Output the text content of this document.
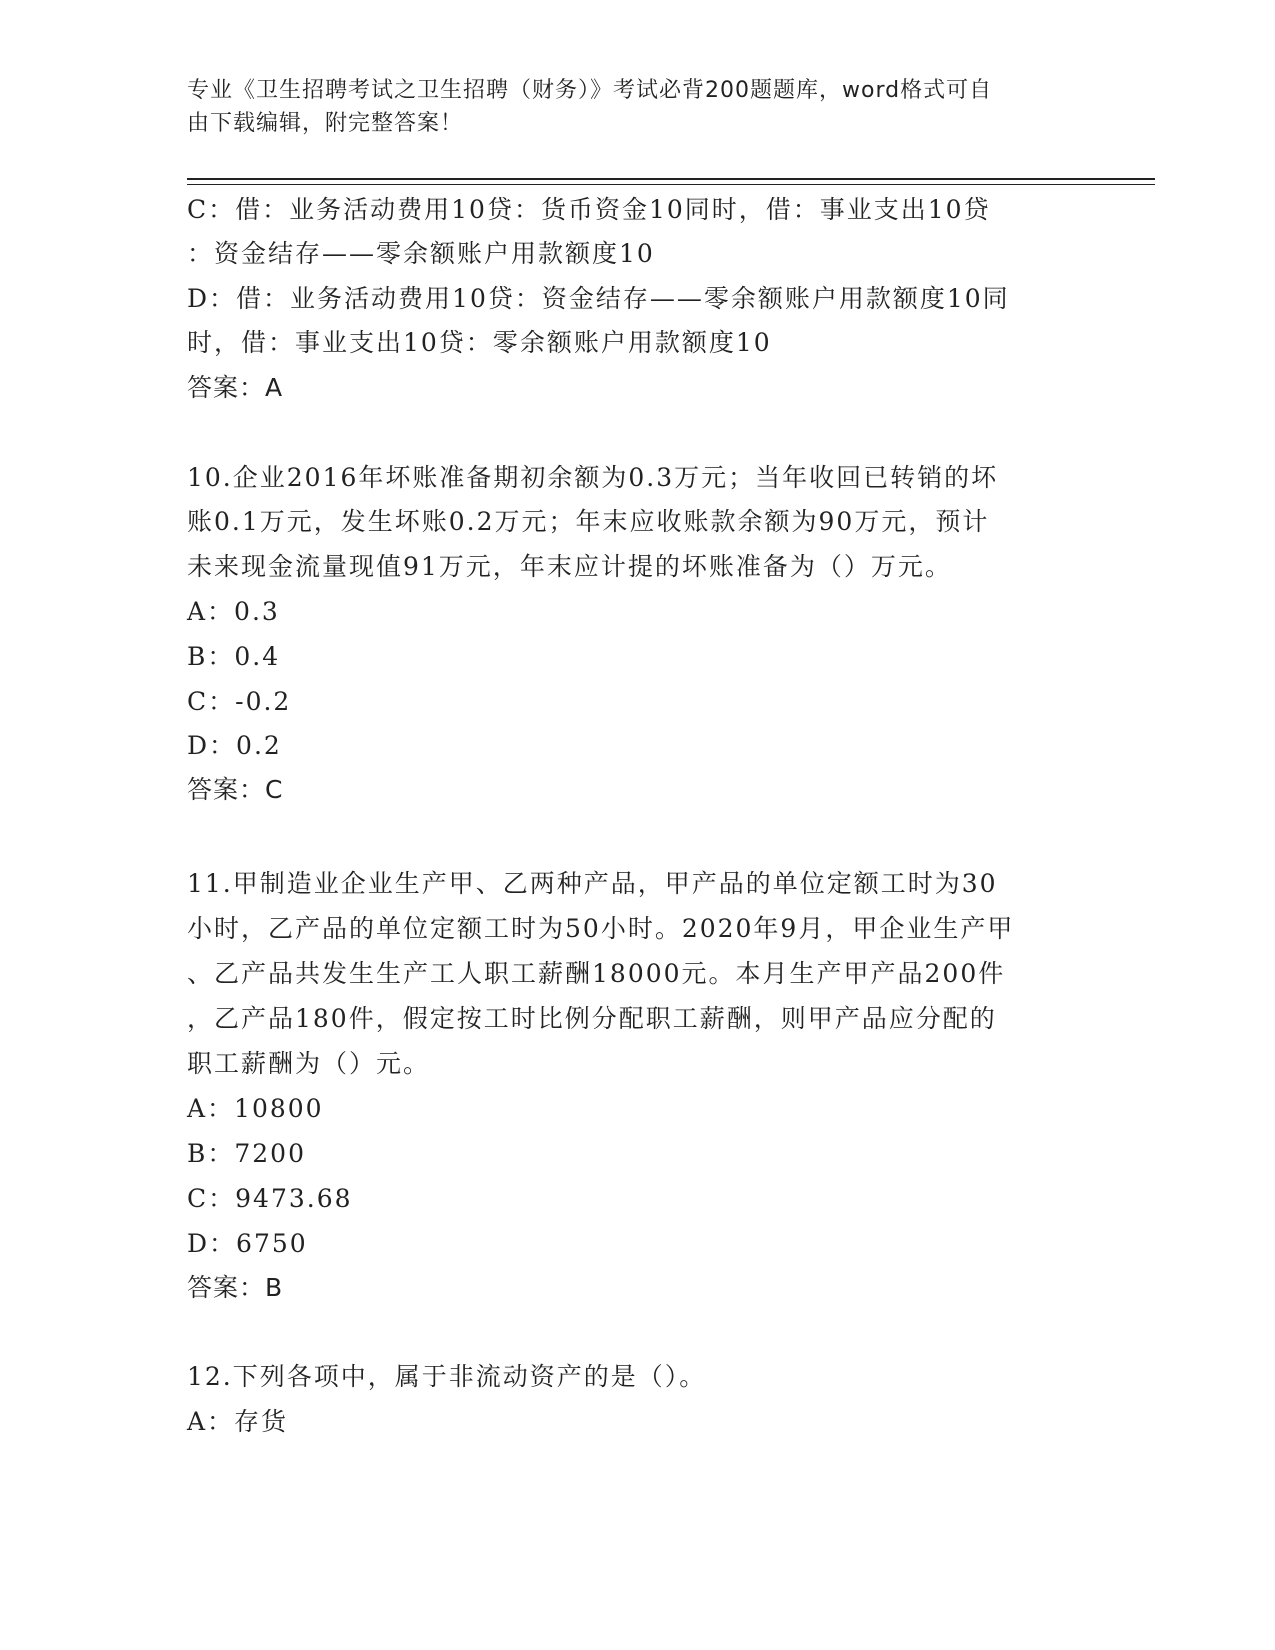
专业《卫生招聘考试之卫生招聘（财务）》考试必背200题题库，word格式可自
由下载编辑，附完整答案！
C：借：业务活动费用10贷：货币资金10同时，借：事业支出10贷
：资金结存——零余额账户用款额度10
D：借：业务活动费用10贷：资金结存——零余额账户用款额度10同
时，借：事业支出10贷：零余额账户用款额度10
答案：A
10.企业2016年坏账准备期初余额为0.3万元；当年收回已转销的坏
账0.1万元，发生坏账0.2万元；年末应收账款余额为90万元，预计
未来现金流量现值91万元，年末应计提的坏账准备为（）万元。
A：0.3
B：0.4
C：-0.2
D：0.2
答案：C
11.甲制造业企业生产甲、乙两种产品，甲产品的单位定额工时为30
小时，乙产品的单位定额工时为50小时。2020年9月，甲企业生产甲
、乙产品共发生生产工人职工薪酬18000元。本月生产甲产品200件
，乙产品180件，假定按工时比例分配职工薪酬，则甲产品应分配的
职工薪酬为（）元。
A：10800
B：7200
C：9473.68
D：6750
答案：B
12.下列各项中，属于非流动资产的是（）。
A：存货
